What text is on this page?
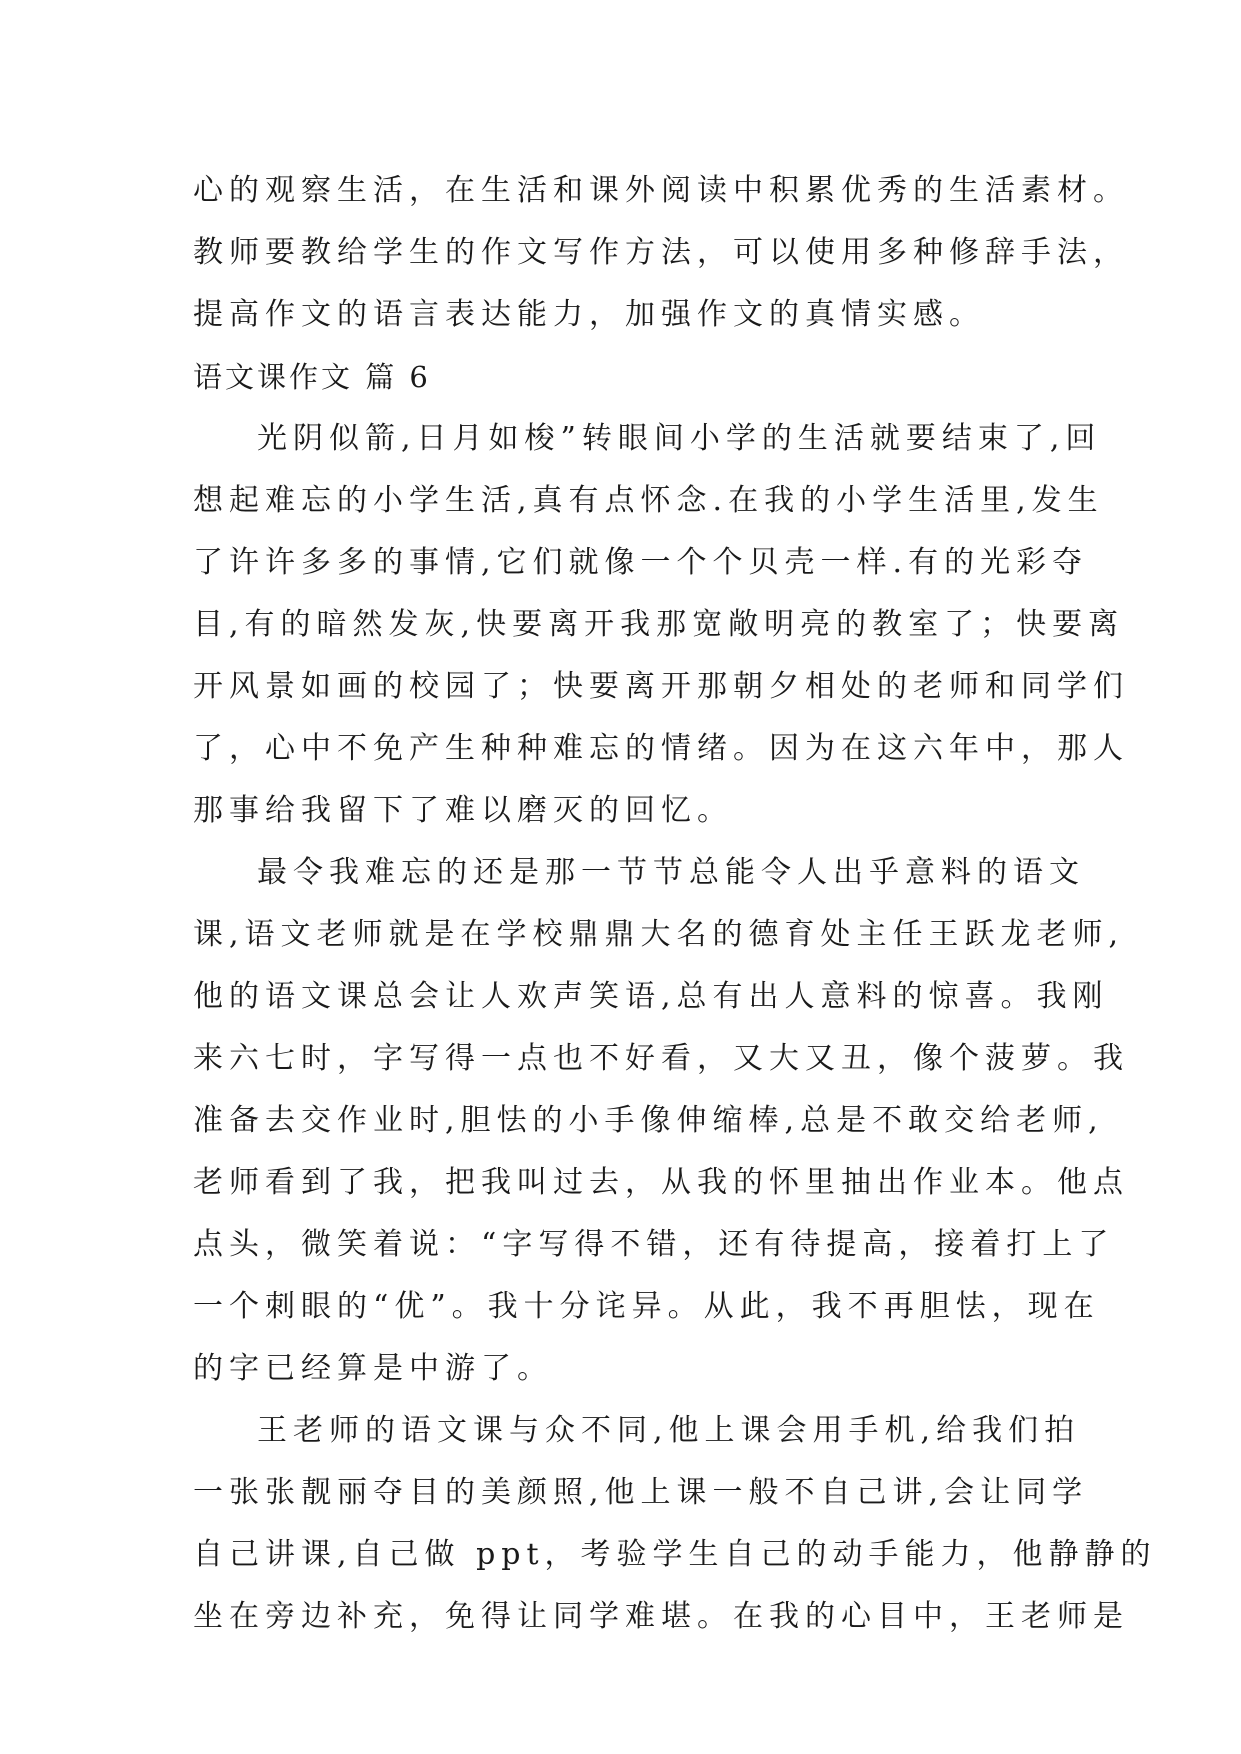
心的观察生活，在生活和课外阅读中积累优秀的生活素材。
教师要教给学生的作文写作方法，可以使用多种修辞手法，
提高作文的语言表达能力，加强作文的真情实感。
语文课作文 篇 6
光阴似箭,日月如梭”转眼间小学的生活就要结束了,回
想起难忘的小学生活,真有点怀念.在我的小学生活里,发生
了许许多多的事情,它们就像一个个贝壳一样.有的光彩夺
目,有的暗然发灰,快要离开我那宽敞明亮的教室了；快要离
开风景如画的校园了；快要离开那朝夕相处的老师和同学们
了，心中不免产生种种难忘的情绪。因为在这六年中，那人
那事给我留下了难以磨灭的回忆。
最令我难忘的还是那一节节总能令人出乎意料的语文
课,语文老师就是在学校鼎鼎大名的德育处主任王跃龙老师,
他的语文课总会让人欢声笑语,总有出人意料的惊喜。我刚
来六七时，字写得一点也不好看，又大又丑，像个菠萝。我
准备去交作业时,胆怯的小手像伸缩棒,总是不敢交给老师,
老师看到了我，把我叫过去，从我的怀里抽出作业本。他点
点头，微笑着说：“字写得不错，还有待提高，接着打上了
一个刺眼的“优”。我十分诧异。从此，我不再胆怯，现在
的字已经算是中游了。
王老师的语文课与众不同,他上课会用手机,给我们拍
一张张靓丽夺目的美颜照,他上课一般不自己讲,会让同学
自己讲课,自己做 ppt，考验学生自己的动手能力，他静静的
坐在旁边补充，免得让同学难堪。在我的心目中，王老师是
